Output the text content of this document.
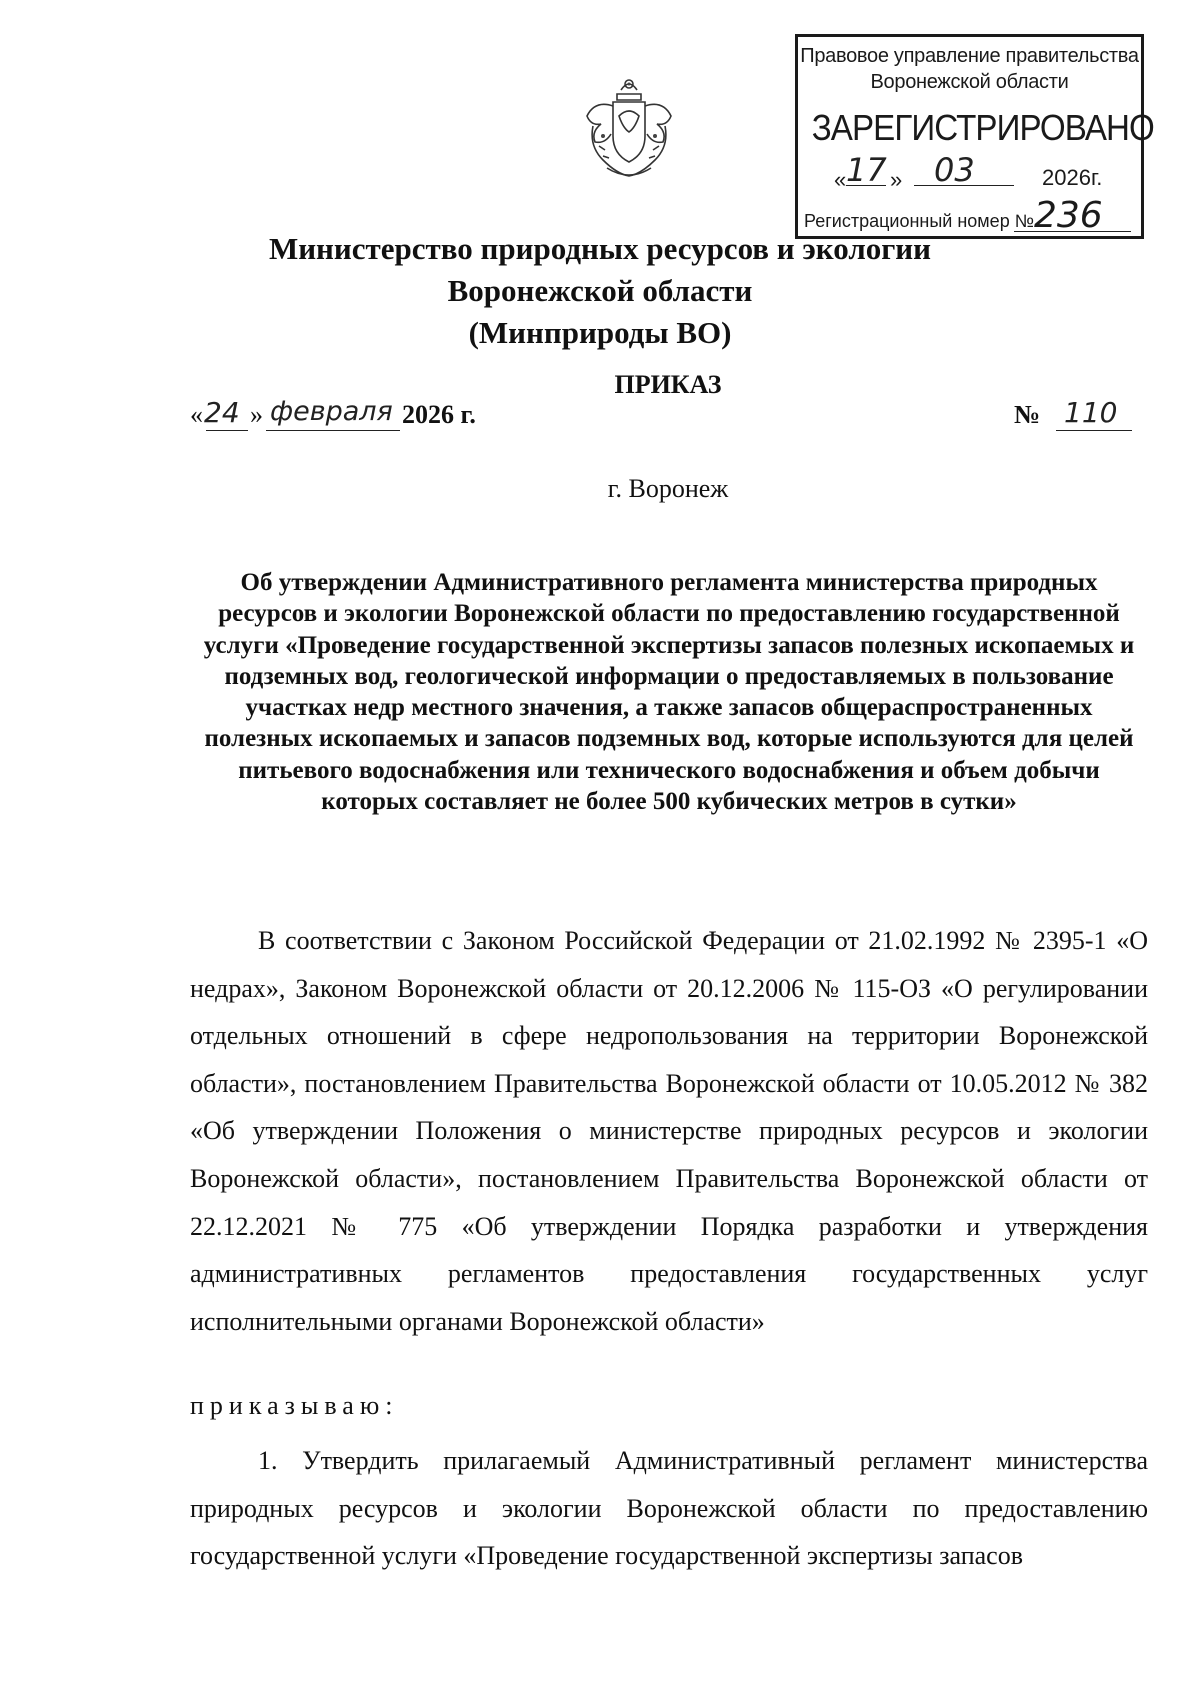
Правовое управление правительства
Воронежской области
ЗАРЕГИСТРИРОВАНО
« 17 » 03	2026г.
Регистрационный номер № 236
Министерство природных ресурсов и экологии
Воронежской области
(Минприроды ВО)
ПРИКАЗ
« 24 » февраля 2026 г.	№ 110
г. Воронеж
Об утверждении Административного регламента министерства природных ресурсов и экологии Воронежской области по предоставлению государственной услуги «Проведение государственной экспертизы запасов полезных ископаемых и подземных вод, геологической информации о предоставляемых в пользование участках недр местного значения, а также запасов общераспространенных полезных ископаемых и запасов подземных вод, которые используются для целей питьевого водоснабжения или технического водоснабжения и объем добычи которых составляет не более 500 кубических метров в сутки»
В соответствии с Законом Российской Федерации от 21.02.1992 № 2395-1 «О недрах», Законом Воронежской области от 20.12.2006 № 115-ОЗ «О регулировании отдельных отношений в сфере недропользования на территории Воронежской области», постановлением Правительства Воронежской области от 10.05.2012 № 382 «Об утверждении Положения о министерстве природных ресурсов и экологии Воронежской области», постановлением Правительства Воронежской области от 22.12.2021 № 775 «Об утверждении Порядка разработки и утверждения административных регламентов предоставления государственных услуг исполнительными органами Воронежской области»
приказываю:
1. Утвердить прилагаемый Административный регламент министерства природных ресурсов и экологии Воронежской области по предоставлению государственной услуги «Проведение государственной экспертизы запасов
